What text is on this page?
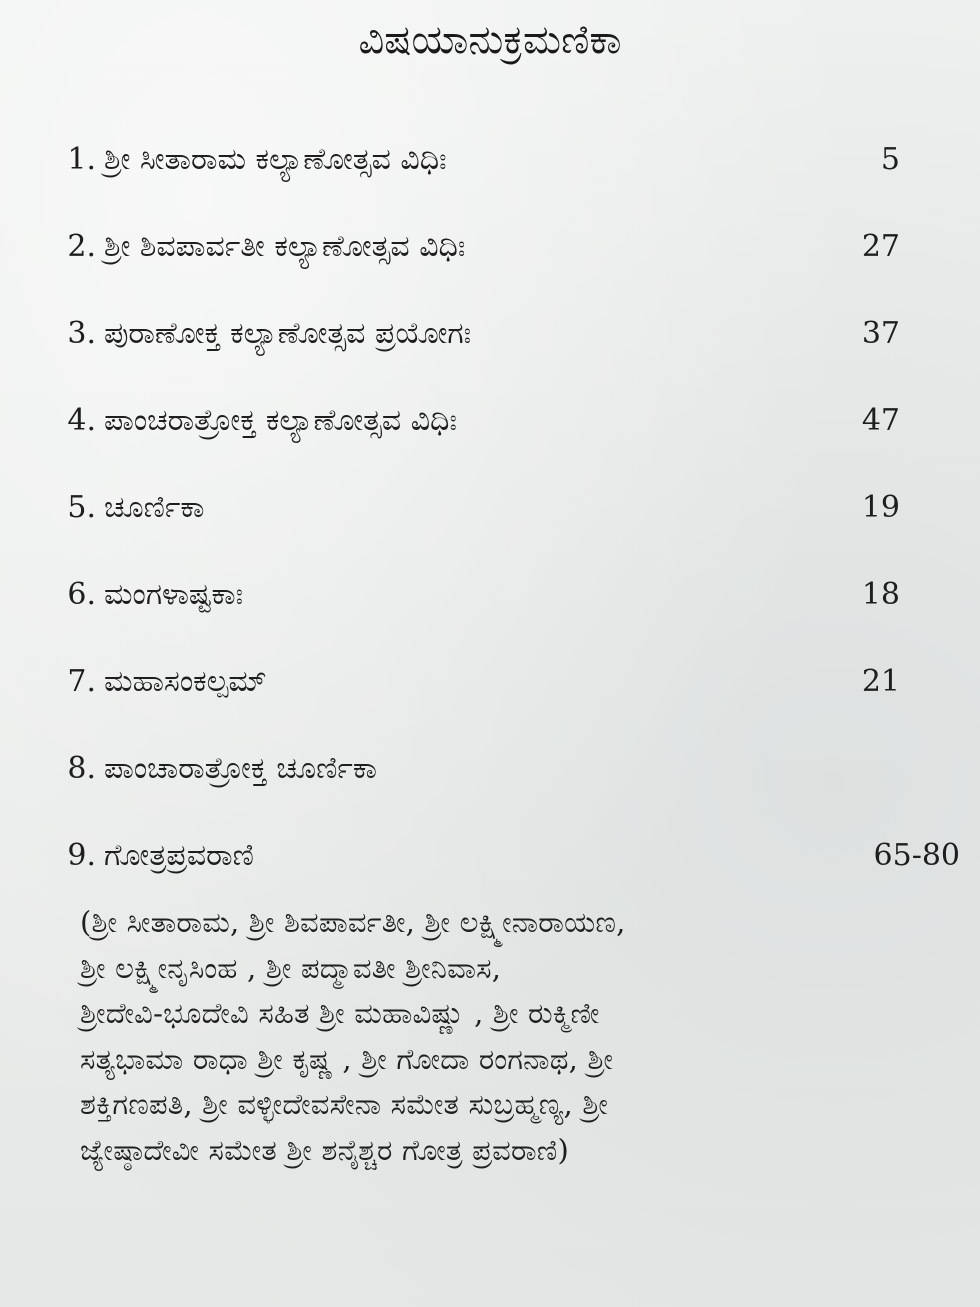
ವಿಷಯಾನುಕ್ರಮಣಿಕಾ
1. ಶ್ರೀ ಸೀತಾರಾಮ ಕಲ್ಯಾಣೋತ್ಸವ ವಿಧಿಃ	5
2. ಶ್ರೀ ಶಿವಪಾರ್ವತೀ ಕಲ್ಯಾಣೋತ್ಸವ ವಿಧಿಃ	27
3. ಪುರಾಣೋಕ್ತ ಕಲ್ಯಾಣೋತ್ಸವ ಪ್ರಯೋಗಃ	37
4. ಪಾಂಚರಾತ್ರೋಕ್ತ ಕಲ್ಯಾಣೋತ್ಸವ ವಿಧಿಃ	47
5. ಚೂರ್ಣಿಕಾ	19
6. ಮಂಗಳಾಷ್ಟಕಾಃ	18
7. ಮಹಾಸಂಕಲ್ಪಮ್	21
8. ಪಾಂಚಾರಾತ್ರೋಕ್ತ ಚೂರ್ಣಿಕಾ
9. ಗೋತ್ರಪ್ರವರಾಣಿ	65-80
(ಶ್ರೀ ಸೀತಾರಾಮ, ಶ್ರೀ ಶಿವಪಾರ್ವತೀ, ಶ್ರೀ ಲಕ್ಷ್ಮೀನಾರಾಯಣ,
ಶ್ರೀ ಲಕ್ಷ್ಮೀನೃಸಿಂಹ , ಶ್ರೀ ಪದ್ಮಾವತೀ ಶ್ರೀನಿವಾಸ,
ಶ್ರೀದೇವಿ-ಭೂದೇವಿ ಸಹಿತ ಶ್ರೀ ಮಹಾವಿಷ್ಣು , ಶ್ರೀ ರುಕ್ಮಿಣೀ
ಸತ್ಯಭಾಮಾ ರಾಧಾ ಶ್ರೀ ಕೃಷ್ಣ , ಶ್ರೀ ಗೋದಾ ರಂಗನಾಥ, ಶ್ರೀ
ಶಕ್ತಿಗಣಪತಿ, ಶ್ರೀ ವಳ್ಳೀದೇವಸೇನಾ ಸಮೇತ ಸುಬ್ರಹ್ಮಣ್ಯ, ಶ್ರೀ
ಜ್ಯೇಷ್ಠಾದೇವೀ ಸಮೇತ ಶ್ರೀ ಶನೈಶ್ಚರ ಗೋತ್ರ ಪ್ರವರಾಣಿ)
